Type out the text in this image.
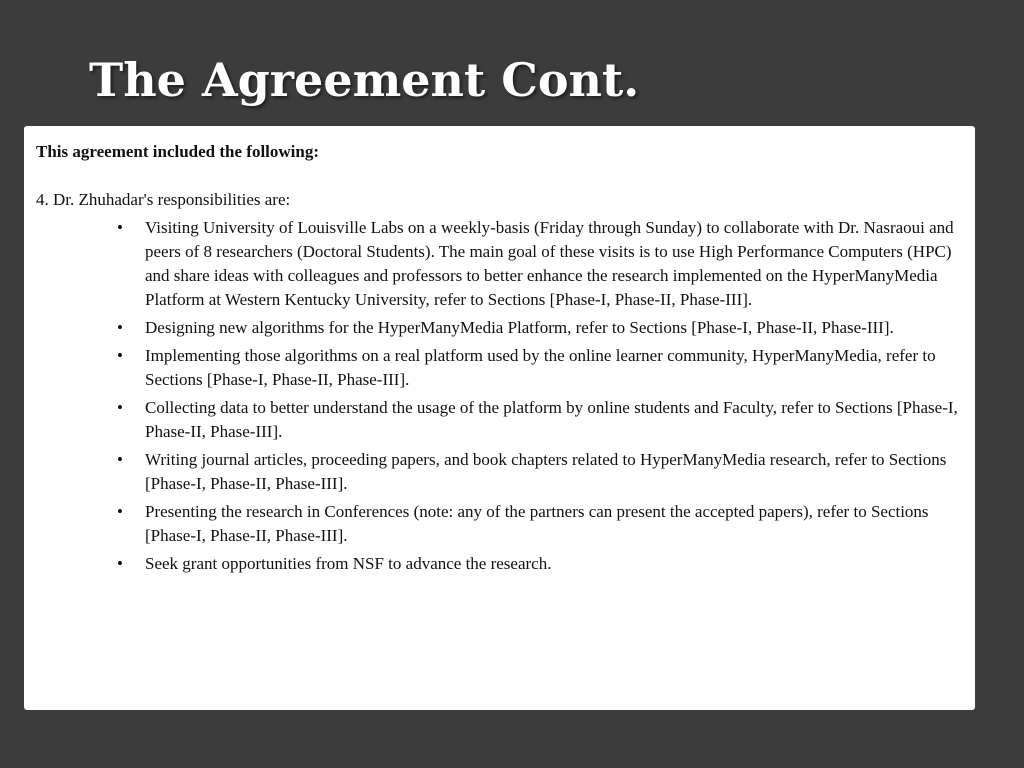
The Agreement Cont.

This agreement included the following:

4. Dr. Zhuhadar's responsibilities are:

• Visiting University of Louisville Labs on a weekly-basis (Friday through Sunday) to collaborate with Dr. Nasraoui and peers of 8 researchers (Doctoral Students). The main goal of these visits is to use High Performance Computers (HPC) and share ideas with colleagues and professors to better enhance the research implemented on the HyperManyMedia Platform at Western Kentucky University, refer to Sections [Phase-I, Phase-II, Phase-III].
• Designing new algorithms for the HyperManyMedia Platform, refer to Sections [Phase-I, Phase-II, Phase-III].
• Implementing those algorithms on a real platform used by the online learner community, HyperManyMedia, refer to Sections [Phase-I, Phase-II, Phase-III].
• Collecting data to better understand the usage of the platform by online students and Faculty, refer to Sections [Phase-I, Phase-II, Phase-III].
• Writing journal articles, proceeding papers, and book chapters related to HyperManyMedia research, refer to Sections [Phase-I, Phase-II, Phase-III].
• Presenting the research in Conferences (note: any of the partners can present the accepted papers), refer to Sections [Phase-I, Phase-II, Phase-III].
• Seek grant opportunities from NSF to advance the research.
